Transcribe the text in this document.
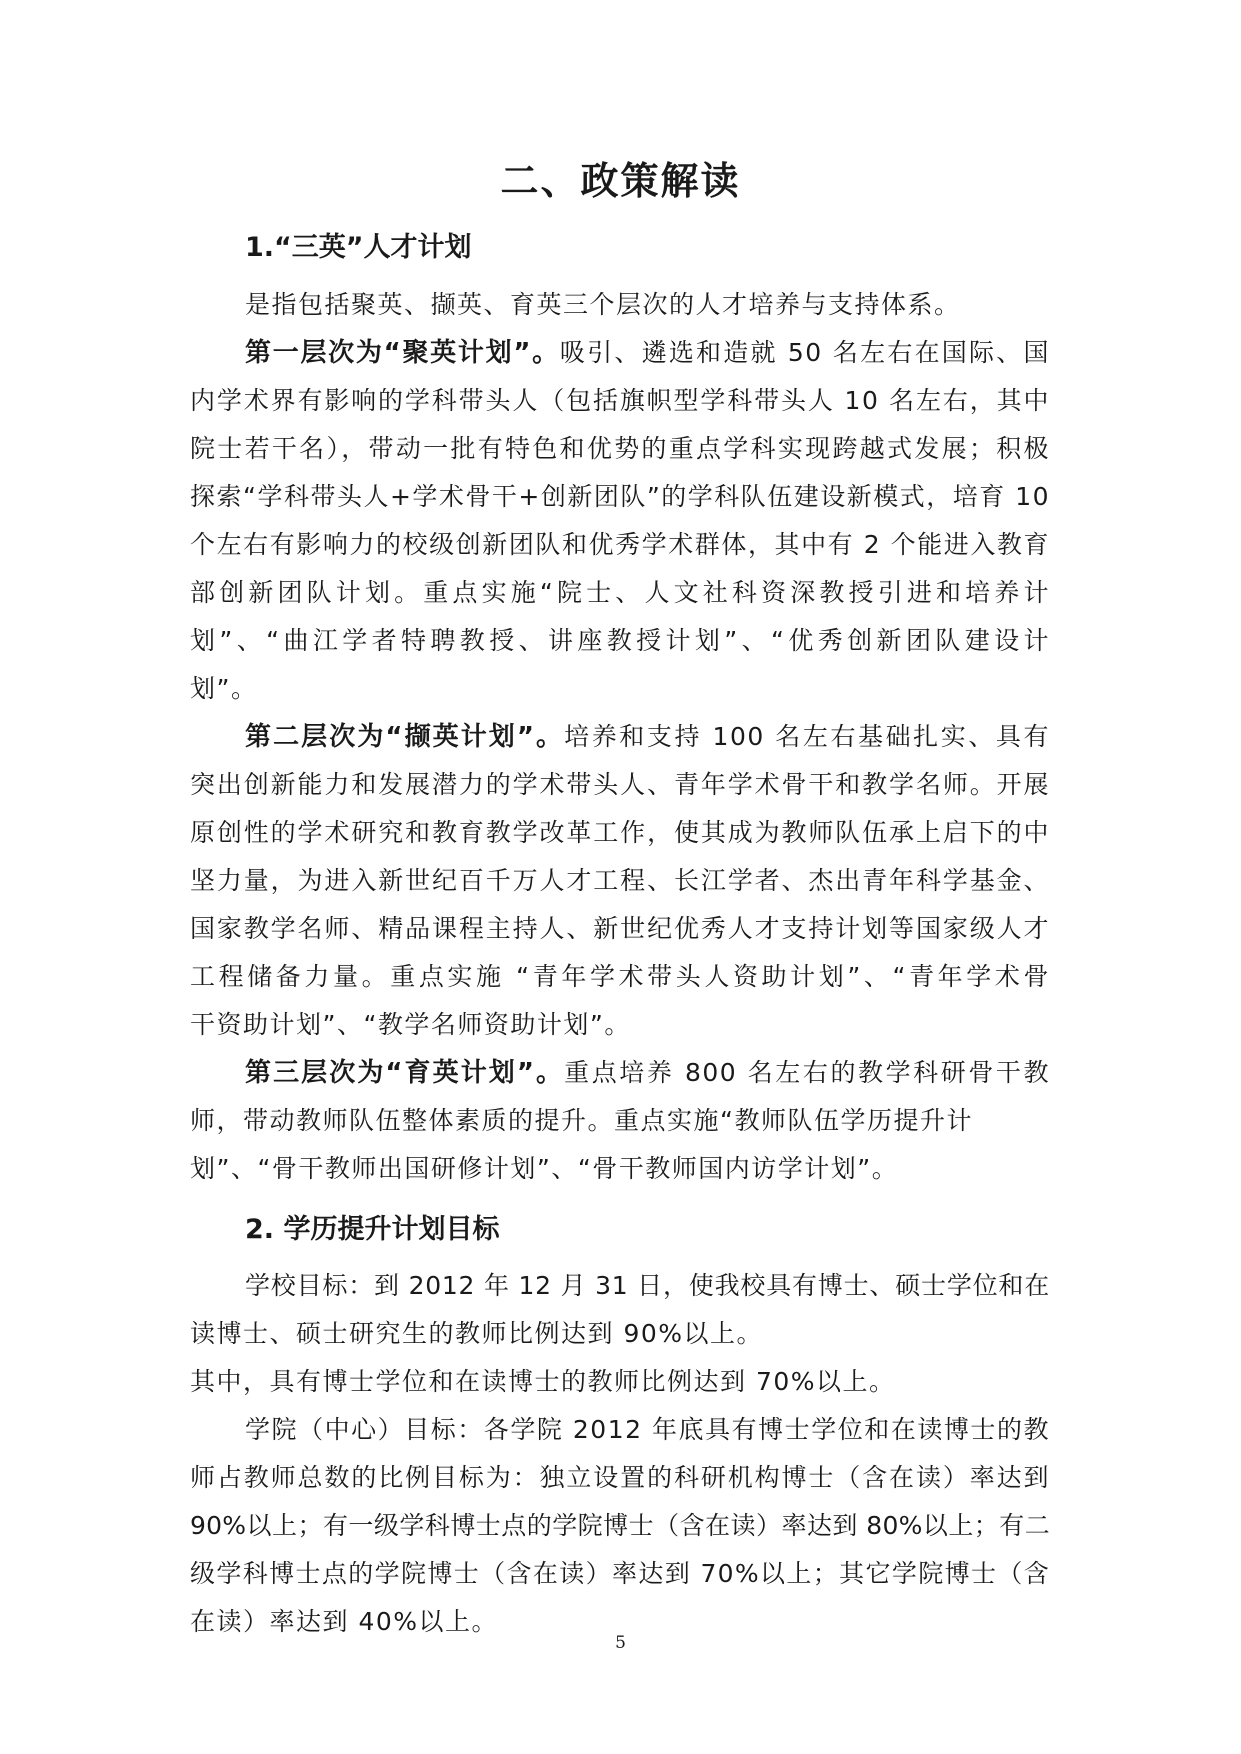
二、政策解读
1.“三英”人才计划
是指包括聚英、撷英、育英三个层次的人才培养与支持体系。
第一层次为“聚英计划”。吸引、遴选和造就 50 名左右在国际、国
内学术界有影响的学科带头人（包括旗帜型学科带头人 10 名左右，其中
院士若干名），带动一批有特色和优势的重点学科实现跨越式发展；积极
探索“学科带头人+学术骨干+创新团队”的学科队伍建设新模式，培育 10
个左右有影响力的校级创新团队和优秀学术群体，其中有 2 个能进入教育
部创新团队计划。重点实施“院士、人文社科资深教授引进和培养计
划”、“曲江学者特聘教授、讲座教授计划”、“优秀创新团队建设计
划”。
第二层次为“撷英计划”。培养和支持 100 名左右基础扎实、具有
突出创新能力和发展潜力的学术带头人、青年学术骨干和教学名师。开展
原创性的学术研究和教育教学改革工作，使其成为教师队伍承上启下的中
坚力量，为进入新世纪百千万人才工程、长江学者、杰出青年科学基金、
国家教学名师、精品课程主持人、新世纪优秀人才支持计划等国家级人才
工程储备力量。重点实施 “青年学术带头人资助计划”、“青年学术骨
干资助计划”、“教学名师资助计划”。
第三层次为“育英计划”。重点培养 800 名左右的教学科研骨干教
师，带动教师队伍整体素质的提升。重点实施“教师队伍学历提升计
划”、“骨干教师出国研修计划”、“骨干教师国内访学计划”。
2. 学历提升计划目标
学校目标：到 2012 年 12 月 31 日，使我校具有博士、硕士学位和在
读博士、硕士研究生的教师比例达到 90%以上。
其中，具有博士学位和在读博士的教师比例达到 70%以上。
学院（中心）目标：各学院 2012 年底具有博士学位和在读博士的教
师占教师总数的比例目标为：独立设置的科研机构博士（含在读）率达到
90%以上；有一级学科博士点的学院博士（含在读）率达到 80%以上；有二
级学科博士点的学院博士（含在读）率达到 70%以上；其它学院博士（含
在读）率达到 40%以上。
5
